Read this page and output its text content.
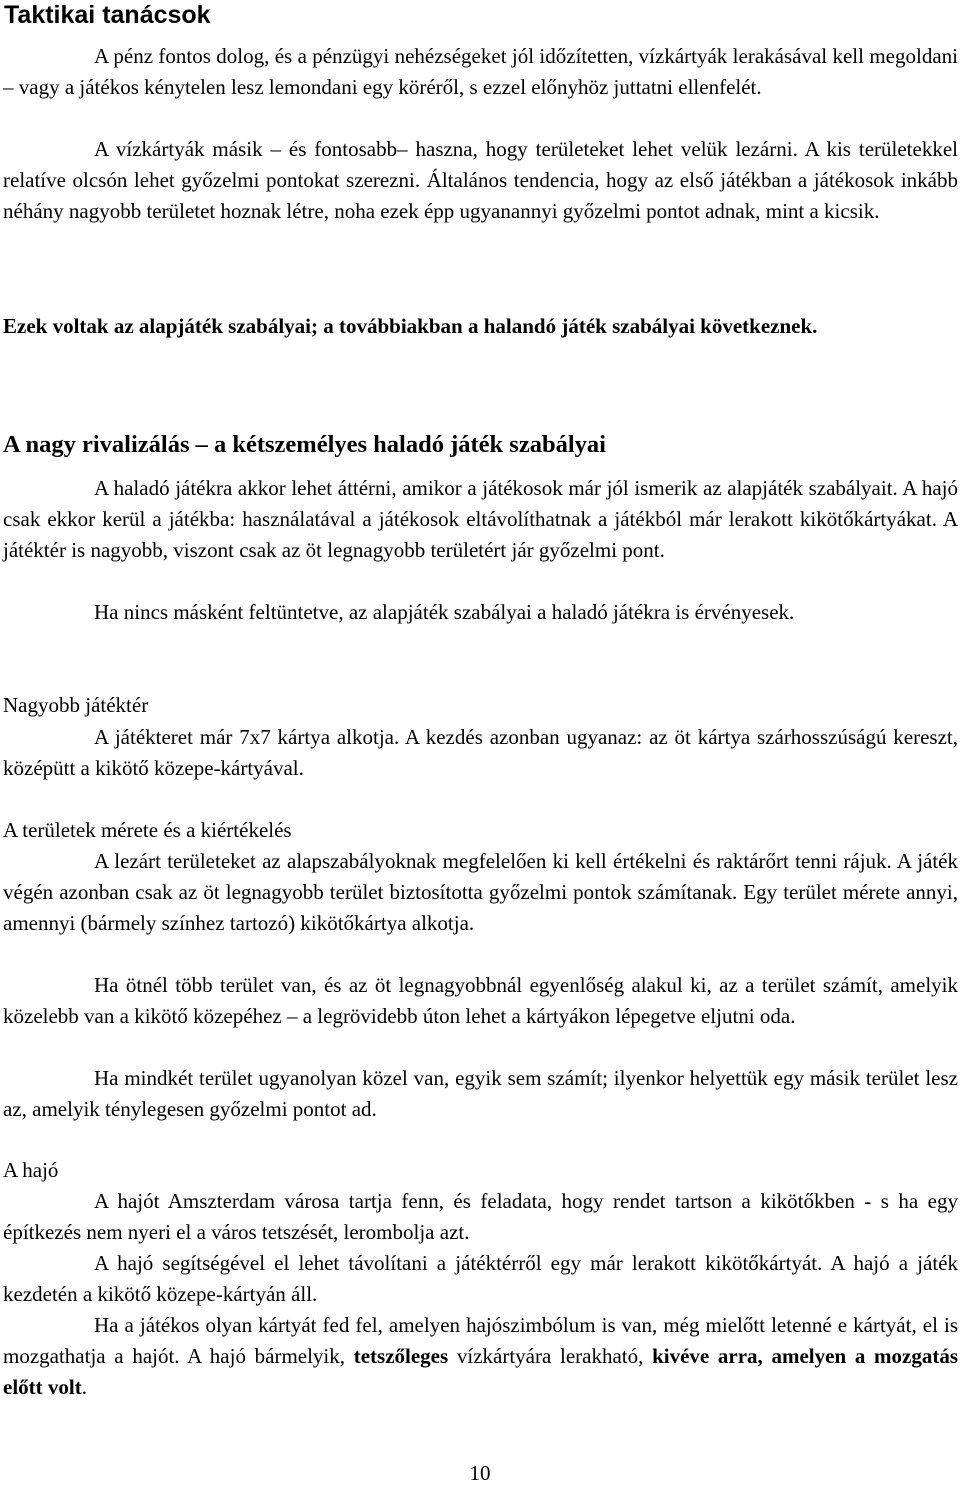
Taktikai tanácsok

A pénz fontos dolog, és a pénzügyi nehézségeket jól időzítetten, vízkártyák lerakásával kell megoldani – vagy a játékos kénytelen lesz lemondani egy köréről, s ezzel előnyhöz juttatni ellenfelét.

A vízkártyák másik – és fontosabb– haszna, hogy területeket lehet velük lezárni. A kis területekkel relatíve olcsón lehet győzelmi pontokat szerezni. Általános tendencia, hogy az első játékban a játékosok inkább néhány nagyobb területet hoznak létre, noha ezek épp ugyanannyi győzelmi pontot adnak, mint a kicsik.

Ezek voltak az alapjáték szabályai; a továbbiakban a halandó játék szabályai következnek.

A nagy rivalizálás – a kétszemélyes haladó játék szabályai

A haladó játékra akkor lehet áttérni, amikor a játékosok már jól ismerik az alapjáték szabályait. A hajó csak ekkor kerül a játékba: használatával a játékosok eltávolíthatnak a játékból már lerakott kikötőkártyákat. A játéktér is nagyobb, viszont csak az öt legnagyobb területért jár győzelmi pont.

Ha nincs másként feltüntetve, az alapjáték szabályai a haladó játékra is érvényesek.

Nagyobb játéktér

A játékteret már 7x7 kártya alkotja. A kezdés azonban ugyanaz: az öt kártya szárhosszúságú kereszt, középütt a kikötő közepe-kártyával.

A területek mérete és a kiértékelés

A lezárt területeket az alapszabályoknak megfelelően ki kell értékelni és raktárőrt tenni rájuk. A játék végén azonban csak az öt legnagyobb terület biztosította győzelmi pontok számítanak. Egy terület mérete annyi, amennyi (bármely színhez tartozó) kikötőkártya alkotja.

Ha ötnél több terület van, és az öt legnagyobbnál egyenlőség alakul ki, az a terület számít, amelyik közelebb van a kikötő közepéhez – a legrövidebb úton lehet a kártyákon lépegetve eljutni oda.

Ha mindkét terület ugyanolyan közel van, egyik sem számít; ilyenkor helyettük egy másik terület lesz az, amelyik ténylegesen győzelmi pontot ad.

A hajó

A hajót Amszterdam városa tartja fenn, és feladata, hogy rendet tartson a kikötőkben - s ha egy építkezés nem nyeri el a város tetszését, lerombolja azt.

A hajó segítségével el lehet távolítani a játéktérről egy már lerakott kikötőkártyát. A hajó a játék kezdetén a kikötő közepe-kártyán áll.

Ha a játékos olyan kártyát fed fel, amelyen hajószimbólum is van, még mielőtt letenné e kártyát, el is mozgathatja a hajót. A hajó bármelyik, tetszőleges vízkártyára lerakható, kivéve arra, amelyen a mozgatás előtt volt.

10
